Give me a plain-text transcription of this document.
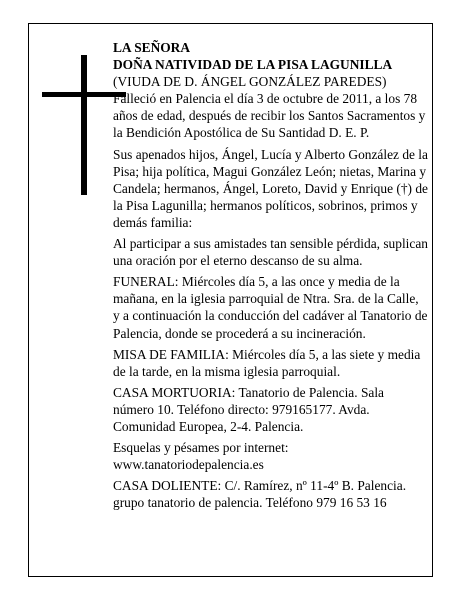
LA SEÑORA

DOÑA NATIVIDAD DE LA PISA LAGUNILLA

(VIUDA DE D. ÁNGEL GONZÁLEZ PAREDES)

Falleció en Palencia el día 3 de octubre de 2011, a los 78 años de edad, después de recibir los Santos Sacramentos y la Bendición Apostólica de Su Santidad D. E. P.

Sus apenados hijos, Ángel, Lucía y Alberto González de la Pisa; hija política, Magui González León; nietas, Marina y Candela; hermanos, Ángel, Loreto, David y Enrique (†) de la Pisa Lagunilla; hermanos políticos, sobrinos, primos y demás familia:

Al participar a sus amistades tan sensible pérdida, suplican una oración por el eterno descanso de su alma.

FUNERAL: Miércoles día 5, a las once y media de la mañana, en la iglesia parroquial de Ntra. Sra. de la Calle, y a continuación la conducción del cadáver al Tanatorio de Palencia, donde se procederá a su incineración.

MISA DE FAMILIA: Miércoles día 5, a las siete y media de la tarde, en la misma iglesia parroquial.

CASA MORTUORIA: Tanatorio de Palencia. Sala número 10. Teléfono directo: 979165177. Avda. Comunidad Europea, 2-4. Palencia.

Esquelas y pésames por internet:

www.tanatoriodepalencia.es

CASA DOLIENTE: C/. Ramírez, nº 11-4º B. Palencia.

grupo tanatorio de palencia. Teléfono 979 16 53 16
